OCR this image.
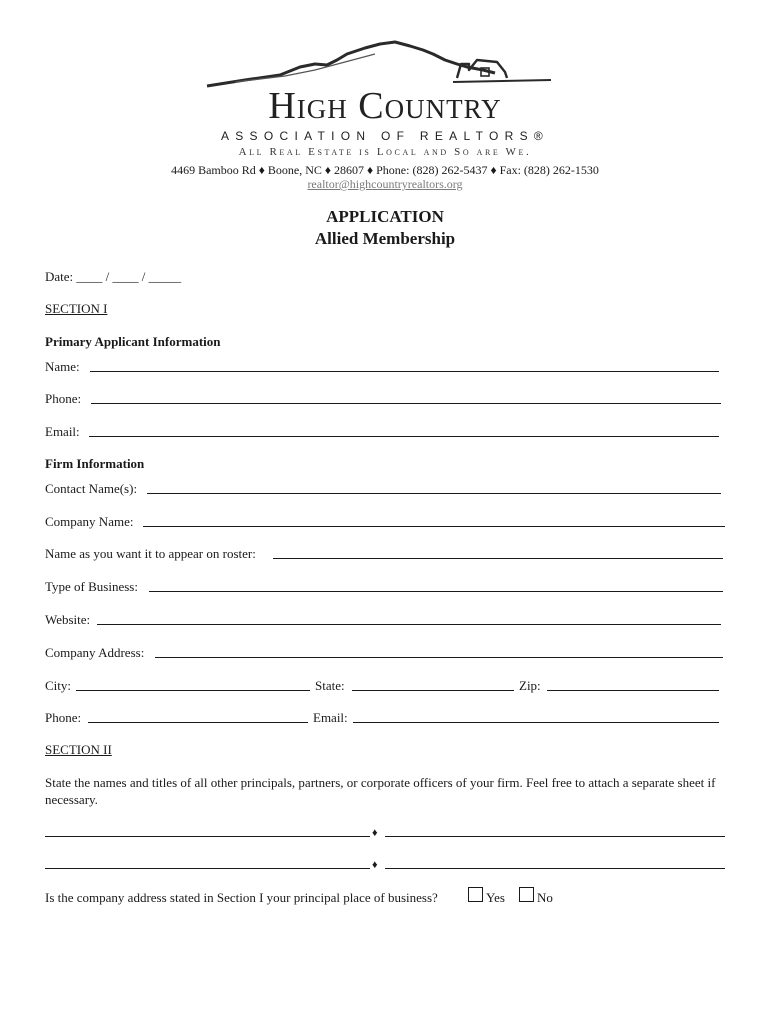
High Country
ASSOCIATION OF REALTORS®
All Real Estate is Local and So are We.
4469 Bamboo Rd ♦ Boone, NC ♦ 28607 ♦ Phone: (828) 262-5437 ♦ Fax: (828) 262-1530
realtor@highcountryrealtors.org
APPLICATION
Allied Membership
Date: ____ / ____ / _____
SECTION I
Primary Applicant Information
Name:
Phone:
Email:
Firm Information
Contact Name(s):
Company Name:
Name as you want it to appear on roster:
Type of Business:
Website:
Company Address:
City:	State:	Zip:
Phone:	Email:
SECTION II
State the names and titles of all other principals, partners, or corporate officers of your firm. Feel free to attach a separate sheet if necessary.
♦
♦
Is the company address stated in Section I your principal place of business?	Yes No
